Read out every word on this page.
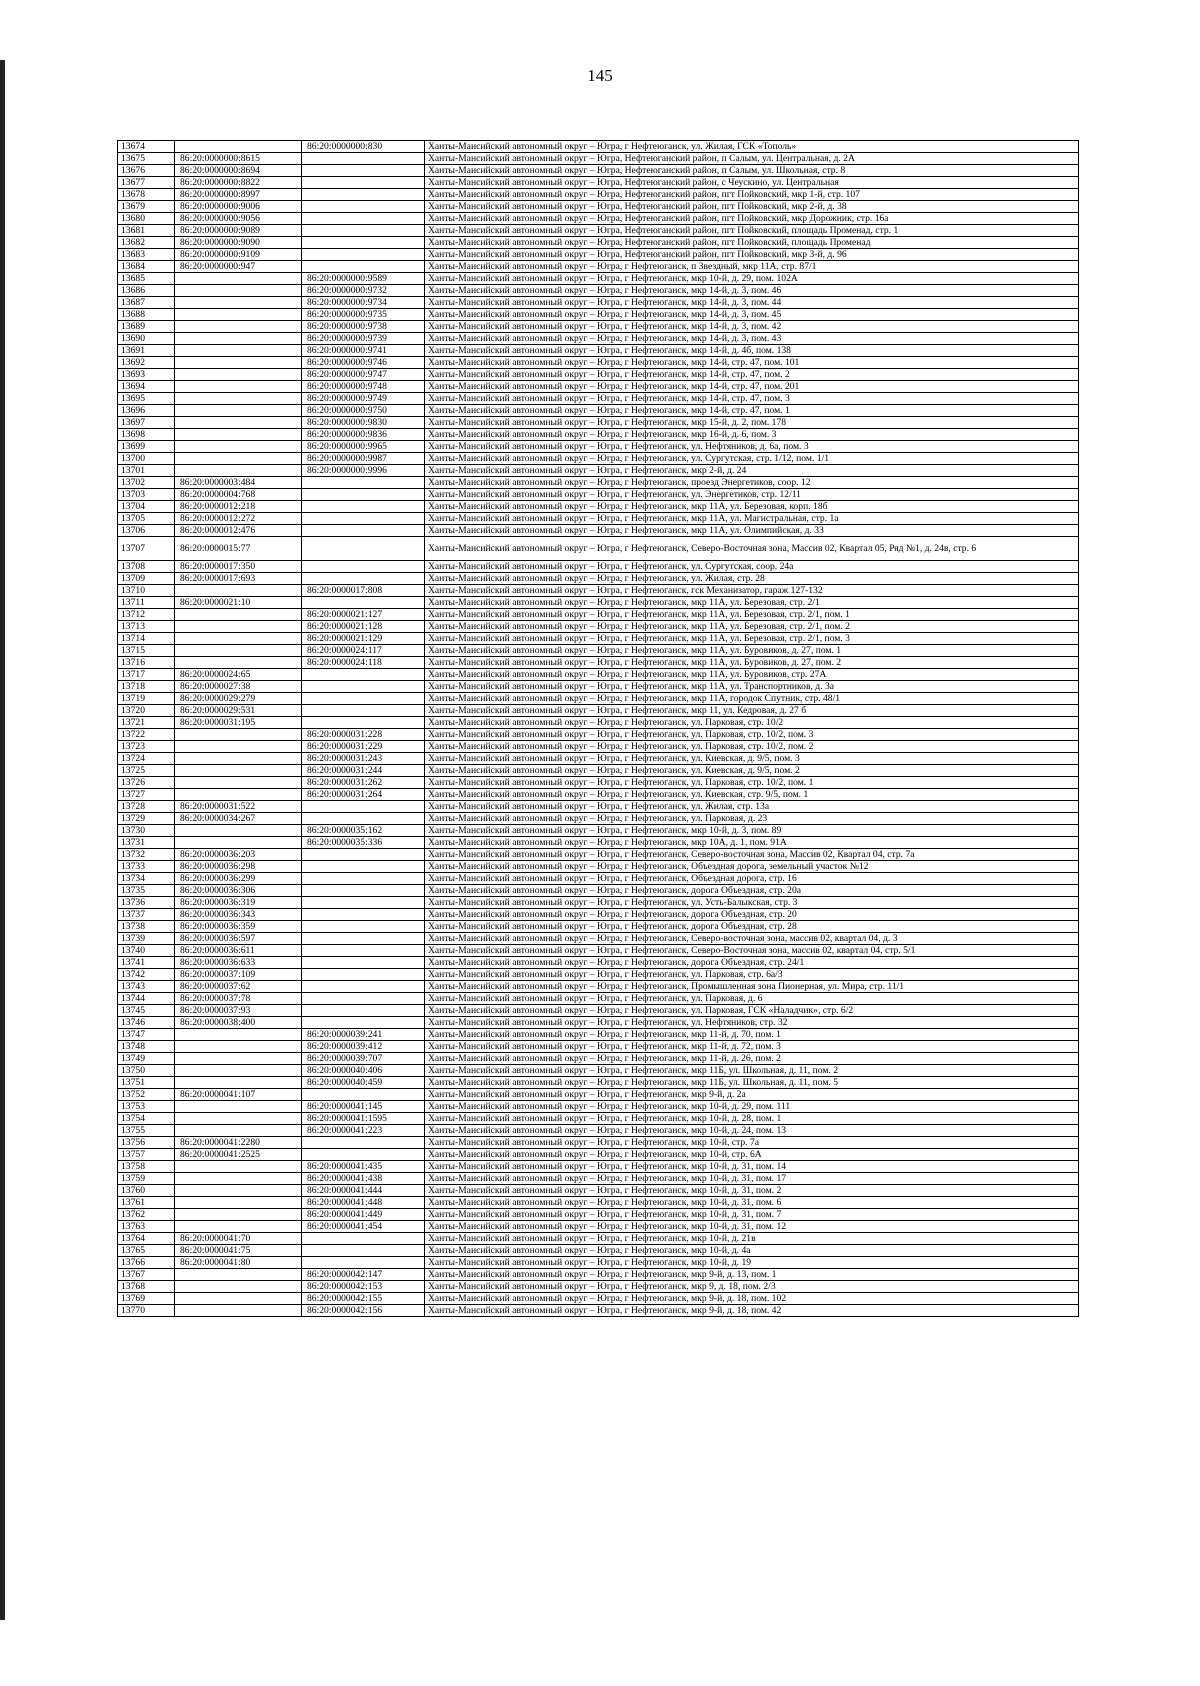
145
13674		86:20:0000000:830	Ханты-Мансийский автономный округ – Югра, г Нефтеюганск, ул. Жилая, ГСК «Тополь»
13675	86:20:0000000:8615		Ханты-Мансийский автономный округ – Югра, Нефтеюганский район, п Салым, ул. Центральная, д. 2А
13676	86:20:0000000:8694		Ханты-Мансийский автономный округ – Югра, Нефтеюганский район, п Салым, ул. Школьная, стр. 8
13677	86:20:0000000:8822		Ханты-Мансийский автономный округ – Югра, Нефтеюганский район, с Чеускино, ул. Центральная
13678	86:20:0000000:8997		Ханты-Мансийский автономный округ – Югра, Нефтеюганский район, пгт Пойковский, мкр 1-й, стр. 107
13679	86:20:0000000:9006		Ханты-Мансийский автономный округ – Югра, Нефтеюганский район, пгт Пойковский, мкр 2-й, д. 38
13680	86:20:0000000:9056		Ханты-Мансийский автономный округ – Югра, Нефтеюганский район, пгт Пойковский, мкр Дорожник, стр. 16а
13681	86:20:0000000:9089		Ханты-Мансийский автономный округ – Югра, Нефтеюганский район, пгт Пойковский, площадь Променад, стр. 1
13682	86:20:0000000:9090		Ханты-Мансийский автономный округ – Югра, Нефтеюганский район, пгт Пойковский, площадь Променад
13683	86:20:0000000:9109		Ханты-Мансийский автономный округ – Югра, Нефтеюганский район, пгт Пойковский, мкр 3-й, д. 96
13684	86:20:0000000:947		Ханты-Мансийский автономный округ – Югра, г Нефтеюганск, п Звездный, мкр 11А, стр. 87/1
13685		86:20:0000000:9589	Ханты-Мансийский автономный округ – Югра, г Нефтеюганск, мкр 10-й, д. 29, пом. 102А
13686		86:20:0000000:9732	Ханты-Мансийский автономный округ – Югра, г Нефтеюганск, мкр 14-й, д. 3, пом. 46
13687		86:20:0000000:9734	Ханты-Мансийский автономный округ – Югра, г Нефтеюганск, мкр 14-й, д. 3, пом. 44
13688		86:20:0000000:9735	Ханты-Мансийский автономный округ – Югра, г Нефтеюганск, мкр 14-й, д. 3, пом. 45
13689		86:20:0000000:9738	Ханты-Мансийский автономный округ – Югра, г Нефтеюганск, мкр 14-й, д. 3, пом. 42
13690		86:20:0000000:9739	Ханты-Мансийский автономный округ – Югра, г Нефтеюганск, мкр 14-й, д. 3, пом. 43
13691		86:20:0000000:9741	Ханты-Мансийский автономный округ – Югра, г Нефтеюганск, мкр 14-й, д. 4б, пом. 138
13692		86:20:0000000:9746	Ханты-Мансийский автономный округ – Югра, г Нефтеюганск, мкр 14-й, стр. 47, пом. 101
13693		86:20:0000000:9747	Ханты-Мансийский автономный округ – Югра, г Нефтеюганск, мкр 14-й, стр. 47, пом. 2
13694		86:20:0000000:9748	Ханты-Мансийский автономный округ – Югра, г Нефтеюганск, мкр 14-й, стр. 47, пом. 201
13695		86:20:0000000:9749	Ханты-Мансийский автономный округ – Югра, г Нефтеюганск, мкр 14-й, стр. 47, пом. 3
13696		86:20:0000000:9750	Ханты-Мансийский автономный округ – Югра, г Нефтеюганск, мкр 14-й, стр. 47, пом. 1
13697		86:20:0000000:9830	Ханты-Мансийский автономный округ – Югра, г Нефтеюганск, мкр 15-й, д. 2, пом. 178
13698		86:20:0000000:9836	Ханты-Мансийский автономный округ – Югра, г Нефтеюганск, мкр 16-й, д. 6, пом. 3
13699		86:20:0000000:9965	Ханты-Мансийский автономный округ – Югра, г Нефтеюганск, ул. Нефтяников, д. 6а, пом. 3
13700		86:20:0000000:9987	Ханты-Мансийский автономный округ – Югра, г Нефтеюганск, ул. Сургутская, стр. 1/12, пом. 1/1
13701		86:20:0000000:9996	Ханты-Мансийский автономный округ – Югра, г Нефтеюганск, мкр 2-й, д. 24
13702	86:20:0000003:484		Ханты-Мансийский автономный округ – Югра, г Нефтеюганск, проезд Энергетиков, соор. 12
13703	86:20:0000004:768		Ханты-Мансийский автономный округ – Югра, г Нефтеюганск, ул. Энергетиков, стр. 12/11
13704	86:20:0000012:218		Ханты-Мансийский автономный округ – Югра, г Нефтеюганск, мкр 11А, ул. Березовая, корп. 18б
13705	86:20:0000012:272		Ханты-Мансийский автономный округ – Югра, г Нефтеюганск, мкр 11А, ул. Магистральная, стр. 1а
13706	86:20:0000012:476		Ханты-Мансийский автономный округ – Югра, г Нефтеюганск, мкр 11А, ул. Олимпийская, д. 33
13707	86:20:0000015:77		Ханты-Мансийский автономный округ – Югра, г Нефтеюганск, Северо-Восточная зона, Массив 02, Квартал 05, Ряд №1, д. 24в, стр. 6
13708	86:20:0000017:350		Ханты-Мансийский автономный округ – Югра, г Нефтеюганск, ул. Сургутская, соор. 24а
13709	86:20:0000017:693		Ханты-Мансийский автономный округ – Югра, г Нефтеюганск, ул. Жилая, стр. 28
13710		86:20:0000017:808	Ханты-Мансийский автономный округ – Югра, г Нефтеюганск, гск Механизатор, гараж 127-132
13711	86:20:0000021:10		Ханты-Мансийский автономный округ – Югра, г Нефтеюганск, мкр 11А, ул. Березовая, стр. 2/1
13712		86:20:0000021:127	Ханты-Мансийский автономный округ – Югра, г Нефтеюганск, мкр 11А, ул. Березовая, стр. 2/1, пом. 1
13713		86:20:0000021:128	Ханты-Мансийский автономный округ – Югра, г Нефтеюганск, мкр 11А, ул. Березовая, стр. 2/1, пом. 2
13714		86:20:0000021:129	Ханты-Мансийский автономный округ – Югра, г Нефтеюганск, мкр 11А, ул. Березовая, стр. 2/1, пом. 3
13715		86:20:0000024:117	Ханты-Мансийский автономный округ – Югра, г Нефтеюганск, мкр 11А, ул. Буровиков, д. 27, пом. 1
13716		86:20:0000024:118	Ханты-Мансийский автономный округ – Югра, г Нефтеюганск, мкр 11А, ул. Буровиков, д. 27, пом. 2
13717	86:20:0000024:65		Ханты-Мансийский автономный округ – Югра, г Нефтеюганск, мкр 11А, ул. Буровиков, стр. 27А
13718	86:20:0000027:38		Ханты-Мансийский автономный округ – Югра, г Нефтеюганск, мкр 11А, ул. Транспортников, д. 3а
13719	86:20:0000029:279		Ханты-Мансийский автономный округ – Югра, г Нефтеюганск, мкр 11А, городок Спутник, стр. 48/1
13720	86:20:0000029:531		Ханты-Мансийский автономный округ – Югра, г Нефтеюганск, мкр 11, ул. Кедровая, д. 27 б
13721	86:20:0000031:195		Ханты-Мансийский автономный округ – Югра, г Нефтеюганск, ул. Парковая, стр. 10/2
13722		86:20:0000031:228	Ханты-Мансийский автономный округ – Югра, г Нефтеюганск, ул. Парковая, стр. 10/2, пом. 3
13723		86:20:0000031:229	Ханты-Мансийский автономный округ – Югра, г Нефтеюганск, ул. Парковая, стр. 10/2, пом. 2
13724		86:20:0000031:243	Ханты-Мансийский автономный округ – Югра, г Нефтеюганск, ул. Киевская, д. 9/5, пом. 3
13725		86:20:0000031:244	Ханты-Мансийский автономный округ – Югра, г Нефтеюганск, ул. Киевская, д. 9/5, пом. 2
13726		86:20:0000031:262	Ханты-Мансийский автономный округ – Югра, г Нефтеюганск, ул. Парковая, стр. 10/2, пом. 1
13727		86:20:0000031:264	Ханты-Мансийский автономный округ – Югра, г Нефтеюганск, ул. Киевская, стр. 9/5, пом. 1
13728	86:20:0000031:522		Ханты-Мансийский автономный округ – Югра, г Нефтеюганск, ул. Жилая, стр. 13а
13729	86:20:0000034:267		Ханты-Мансийский автономный округ – Югра, г Нефтеюганск, ул. Парковая, д. 23
13730		86:20:0000035:162	Ханты-Мансийский автономный округ – Югра, г Нефтеюганск, мкр 10-й, д. 3, пом. 89
13731		86:20:0000035:336	Ханты-Мансийский автономный округ – Югра, г Нефтеюганск, мкр 10А, д. 1, пом. 91А
13732	86:20:0000036:203		Ханты-Мансийский автономный округ – Югра, г Нефтеюганск, Северо-восточная зона, Массив 02, Квартал 04, стр. 7а
13733	86:20:0000036:298		Ханты-Мансийский автономный округ – Югра, г Нефтеюганск, Объездная дорога, земельный участок №12
13734	86:20:0000036:299		Ханты-Мансийский автономный округ – Югра, г Нефтеюганск, Объездная дорога, стр. 16
13735	86:20:0000036:306		Ханты-Мансийский автономный округ – Югра, г Нефтеюганск, дорога Объездная, стр. 20а
13736	86:20:0000036:319		Ханты-Мансийский автономный округ – Югра, г Нефтеюганск, ул. Усть-Балыкская, стр. 3
13737	86:20:0000036:343		Ханты-Мансийский автономный округ – Югра, г Нефтеюганск, дорога Объездная, стр. 20
13738	86:20:0000036:359		Ханты-Мансийский автономный округ – Югра, г Нефтеюганск, дорога Объездная, стр. 28
13739	86:20:0000036:597		Ханты-Мансийский автономный округ – Югра, г Нефтеюганск, Северо-восточная зона, массив 02, квартал 04, д. 3
13740	86:20:0000036:611		Ханты-Мансийский автономный округ – Югра, г Нефтеюганск, Северо-Восточная зона, массив 02, квартал 04, стр. 5/1
13741	86:20:0000036:633		Ханты-Мансийский автономный округ – Югра, г Нефтеюганск, дорога Объездная, стр. 24/1
13742	86:20:0000037:109		Ханты-Мансийский автономный округ – Югра, г Нефтеюганск, ул. Парковая, стр. 6а/3
13743	86:20:0000037:62		Ханты-Мансийский автономный округ – Югра, г Нефтеюганск, Промышленная зона Пионерная, ул. Мира, стр. 11/1
13744	86:20:0000037:78		Ханты-Мансийский автономный округ – Югра, г Нефтеюганск, ул. Парковая, д. 6
13745	86:20:0000037:93		Ханты-Мансийский автономный округ – Югра, г Нефтеюганск, ул. Парковая, ГСК «Наладчик», стр. 6/2
13746	86:20:0000038:400		Ханты-Мансийский автономный округ – Югра, г Нефтеюганск, ул. Нефтяников, стр. 32
13747		86:20:0000039:241	Ханты-Мансийский автономный округ – Югра, г Нефтеюганск, мкр 11-й, д. 70, пом. 1
13748		86:20:0000039:412	Ханты-Мансийский автономный округ – Югра, г Нефтеюганск, мкр 11-й, д. 72, пом. 3
13749		86:20:0000039:707	Ханты-Мансийский автономный округ – Югра, г Нефтеюганск, мкр 11-й, д. 26, пом. 2
13750		86:20:0000040:406	Ханты-Мансийский автономный округ – Югра, г Нефтеюганск, мкр 11Б, ул. Школьная, д. 11, пом. 2
13751		86:20:0000040:459	Ханты-Мансийский автономный округ – Югра, г Нефтеюганск, мкр 11Б, ул. Школьная, д. 11, пом. 5
13752	86:20:0000041:107		Ханты-Мансийский автономный округ – Югра, г Нефтеюганск, мкр 9-й, д. 2а
13753		86:20:0000041:145	Ханты-Мансийский автономный округ – Югра, г Нефтеюганск, мкр 10-й, д. 29, пом. 111
13754		86:20:0000041:1595	Ханты-Мансийский автономный округ – Югра, г Нефтеюганск, мкр 10-й, д. 28, пом. 1
13755		86:20:0000041:223	Ханты-Мансийский автономный округ – Югра, г Нефтеюганск, мкр 10-й, д. 24, пом. 13
13756	86:20:0000041:2280		Ханты-Мансийский автономный округ – Югра, г Нефтеюганск, мкр 10-й, стр. 7а
13757	86:20:0000041:2525		Ханты-Мансийский автономный округ – Югра, г Нефтеюганск, мкр 10-й, стр. 6А
13758		86:20:0000041:435	Ханты-Мансийский автономный округ – Югра, г Нефтеюганск, мкр 10-й, д. 31, пом. 14
13759		86:20:0000041:438	Ханты-Мансийский автономный округ – Югра, г Нефтеюганск, мкр 10-й, д. 31, пом. 17
13760		86:20:0000041:444	Ханты-Мансийский автономный округ – Югра, г Нефтеюганск, мкр 10-й, д. 31, пом. 2
13761		86:20:0000041:448	Ханты-Мансийский автономный округ – Югра, г Нефтеюганск, мкр 10-й, д. 31, пом. 6
13762		86:20:0000041:449	Ханты-Мансийский автономный округ – Югра, г Нефтеюганск, мкр 10-й, д. 31, пом. 7
13763		86:20:0000041:454	Ханты-Мансийский автономный округ – Югра, г Нефтеюганск, мкр 10-й, д. 31, пом. 12
13764	86:20:0000041:70		Ханты-Мансийский автономный округ – Югра, г Нефтеюганск, мкр 10-й, д. 21в
13765	86:20:0000041:75		Ханты-Мансийский автономный округ – Югра, г Нефтеюганск, мкр 10-й, д. 4а
13766	86:20:0000041:80		Ханты-Мансийский автономный округ – Югра, г Нефтеюганск, мкр 10-й, д. 19
13767		86:20:0000042:147	Ханты-Мансийский автономный округ – Югра, г Нефтеюганск, мкр 9-й, д. 13, пом. 1
13768		86:20:0000042:153	Ханты-Мансийский автономный округ – Югра, г Нефтеюганск, мкр 9, д. 18, пом. 2/3
13769		86:20:0000042:155	Ханты-Мансийский автономный округ – Югра, г Нефтеюганск, мкр 9-й, д. 18, пом. 102
13770		86:20:0000042:156	Ханты-Мансийский автономный округ – Югра, г Нефтеюганск, мкр 9-й, д. 18, пом. 42
